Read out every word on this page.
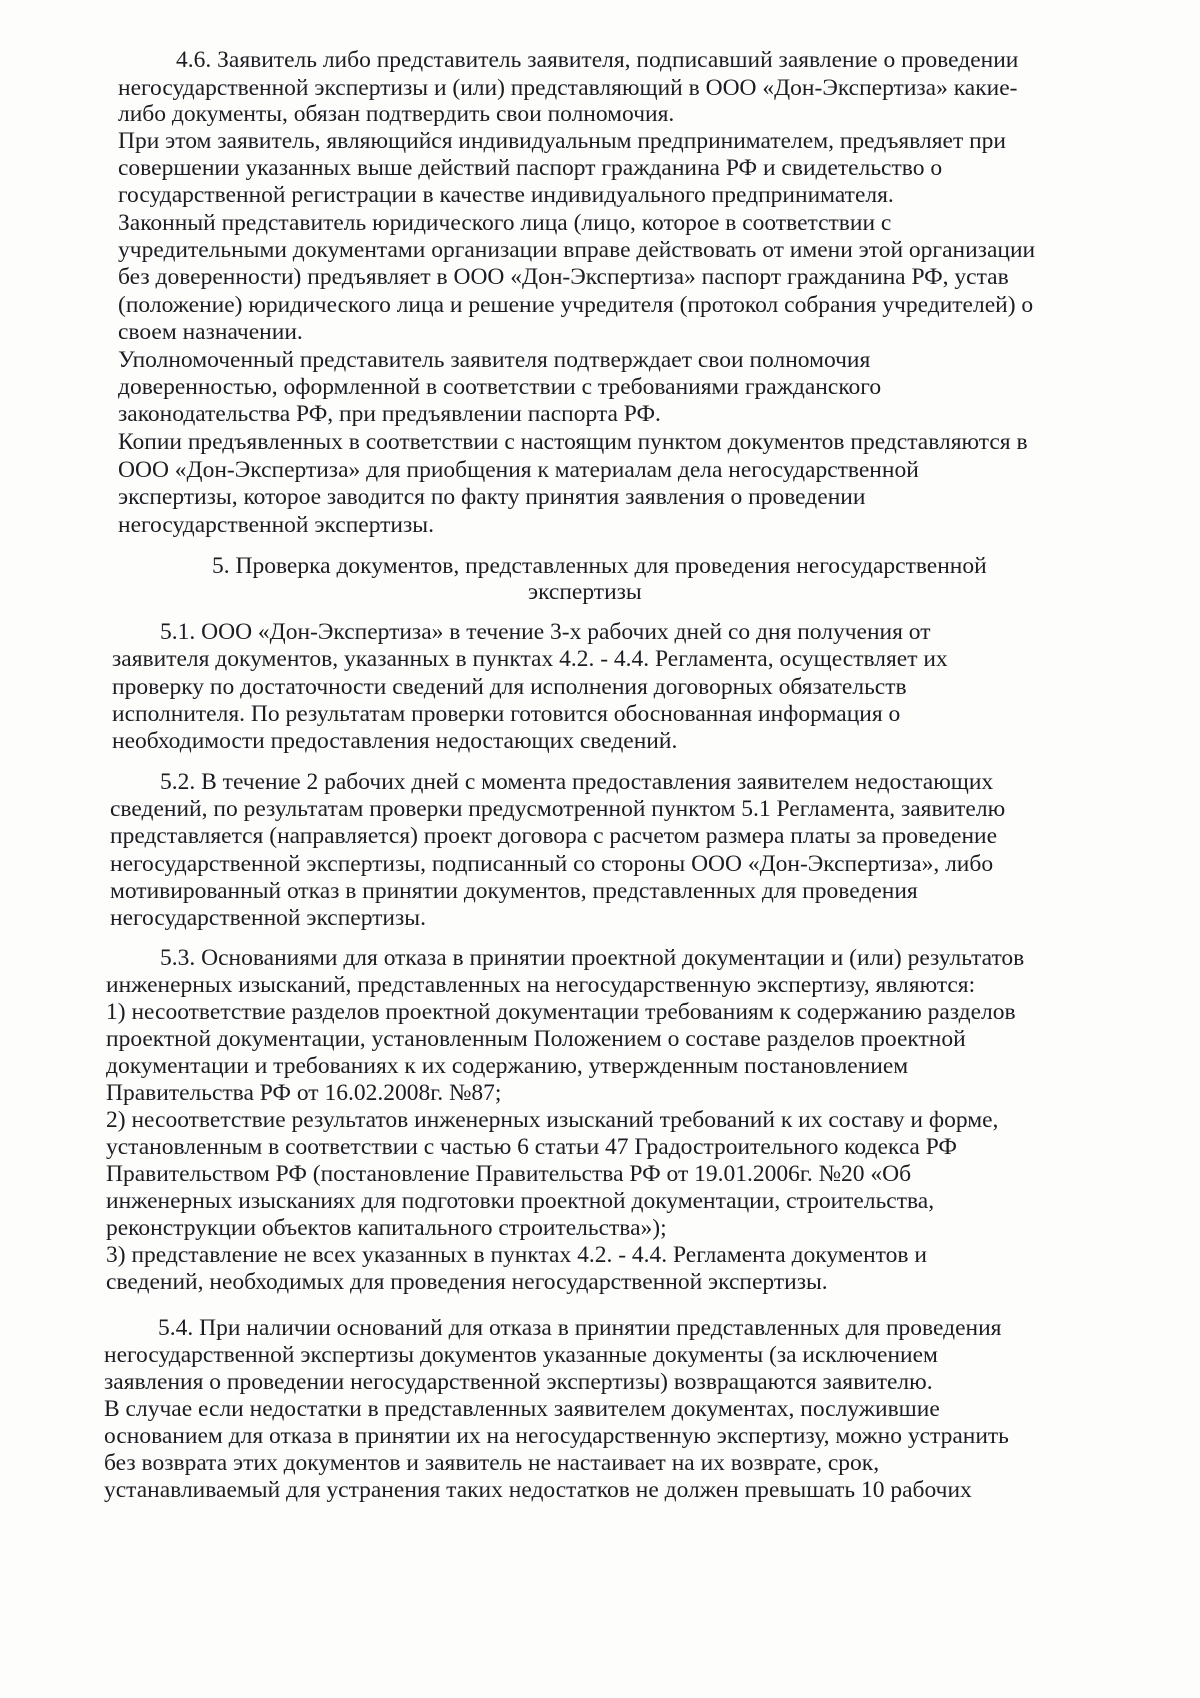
4.6. Заявитель либо представитель заявителя, подписавший заявление о проведении
негосударственной экспертизы и (или) представляющий в ООО «Дон-Экспертиза» какие-
либо документы, обязан подтвердить свои полномочия.
При этом заявитель, являющийся индивидуальным предпринимателем, предъявляет при
совершении указанных выше действий паспорт гражданина РФ и свидетельство о
государственной регистрации в качестве индивидуального предпринимателя.
Законный представитель юридического лица (лицо, которое в соответствии с
учредительными документами организации вправе действовать от имени этой организации
без доверенности) предъявляет в ООО «Дон-Экспертиза» паспорт гражданина РФ, устав
(положение) юридического лица и решение учредителя (протокол собрания учредителей) о
своем назначении.
Уполномоченный представитель заявителя подтверждает свои полномочия
доверенностью, оформленной в соответствии с требованиями гражданского
законодательства РФ, при предъявлении паспорта РФ.
Копии предъявленных в соответствии с настоящим пунктом документов представляются в
ООО «Дон-Экспертиза» для приобщения к материалам дела негосударственной
экспертизы, которое заводится по факту принятия заявления о проведении
негосударственной экспертизы.
5. Проверка документов, представленных для проведения негосударственной
экспертизы
5.1. ООО «Дон-Экспертиза» в течение 3-х рабочих дней со дня получения от
заявителя документов, указанных в пунктах 4.2. - 4.4. Регламента, осуществляет их
проверку по достаточности сведений для исполнения договорных обязательств
исполнителя. По результатам проверки готовится обоснованная информация о
необходимости предоставления недостающих сведений.
5.2. В течение 2 рабочих дней с момента предоставления заявителем недостающих
сведений, по результатам проверки предусмотренной пунктом 5.1 Регламента, заявителю
представляется (направляется) проект договора с расчетом размера платы за проведение
негосударственной экспертизы, подписанный со стороны ООО «Дон-Экспертиза», либо
мотивированный отказ в принятии документов, представленных для проведения
негосударственной экспертизы.
5.3. Основаниями для отказа в принятии проектной документации и (или) результатов
инженерных изысканий, представленных на негосударственную экспертизу, являются:
1) несоответствие разделов проектной документации требованиям к содержанию разделов
проектной документации, установленным Положением о составе разделов проектной
документации и требованиях к их содержанию, утвержденным постановлением
Правительства РФ от 16.02.2008г. №87;
2) несоответствие результатов инженерных изысканий требований к их составу и форме,
установленным в соответствии с частью 6 статьи 47 Градостроительного кодекса РФ
Правительством РФ (постановление Правительства РФ от 19.01.2006г. №20 «Об
инженерных изысканиях для подготовки проектной документации, строительства,
реконструкции объектов капитального строительства»);
3) представление не всех указанных в пунктах 4.2. - 4.4. Регламента документов и
сведений, необходимых для проведения негосударственной экспертизы.
5.4. При наличии оснований для отказа в принятии представленных для проведения
негосударственной экспертизы документов указанные документы (за исключением
заявления о проведении негосударственной экспертизы) возвращаются заявителю.
В случае если недостатки в представленных заявителем документах, послужившие
основанием для отказа в принятии их на негосударственную экспертизу, можно устранить
без возврата этих документов и заявитель не настаивает на их возврате, срок,
устанавливаемый для устранения таких недостатков не должен превышать 10 рабочих
